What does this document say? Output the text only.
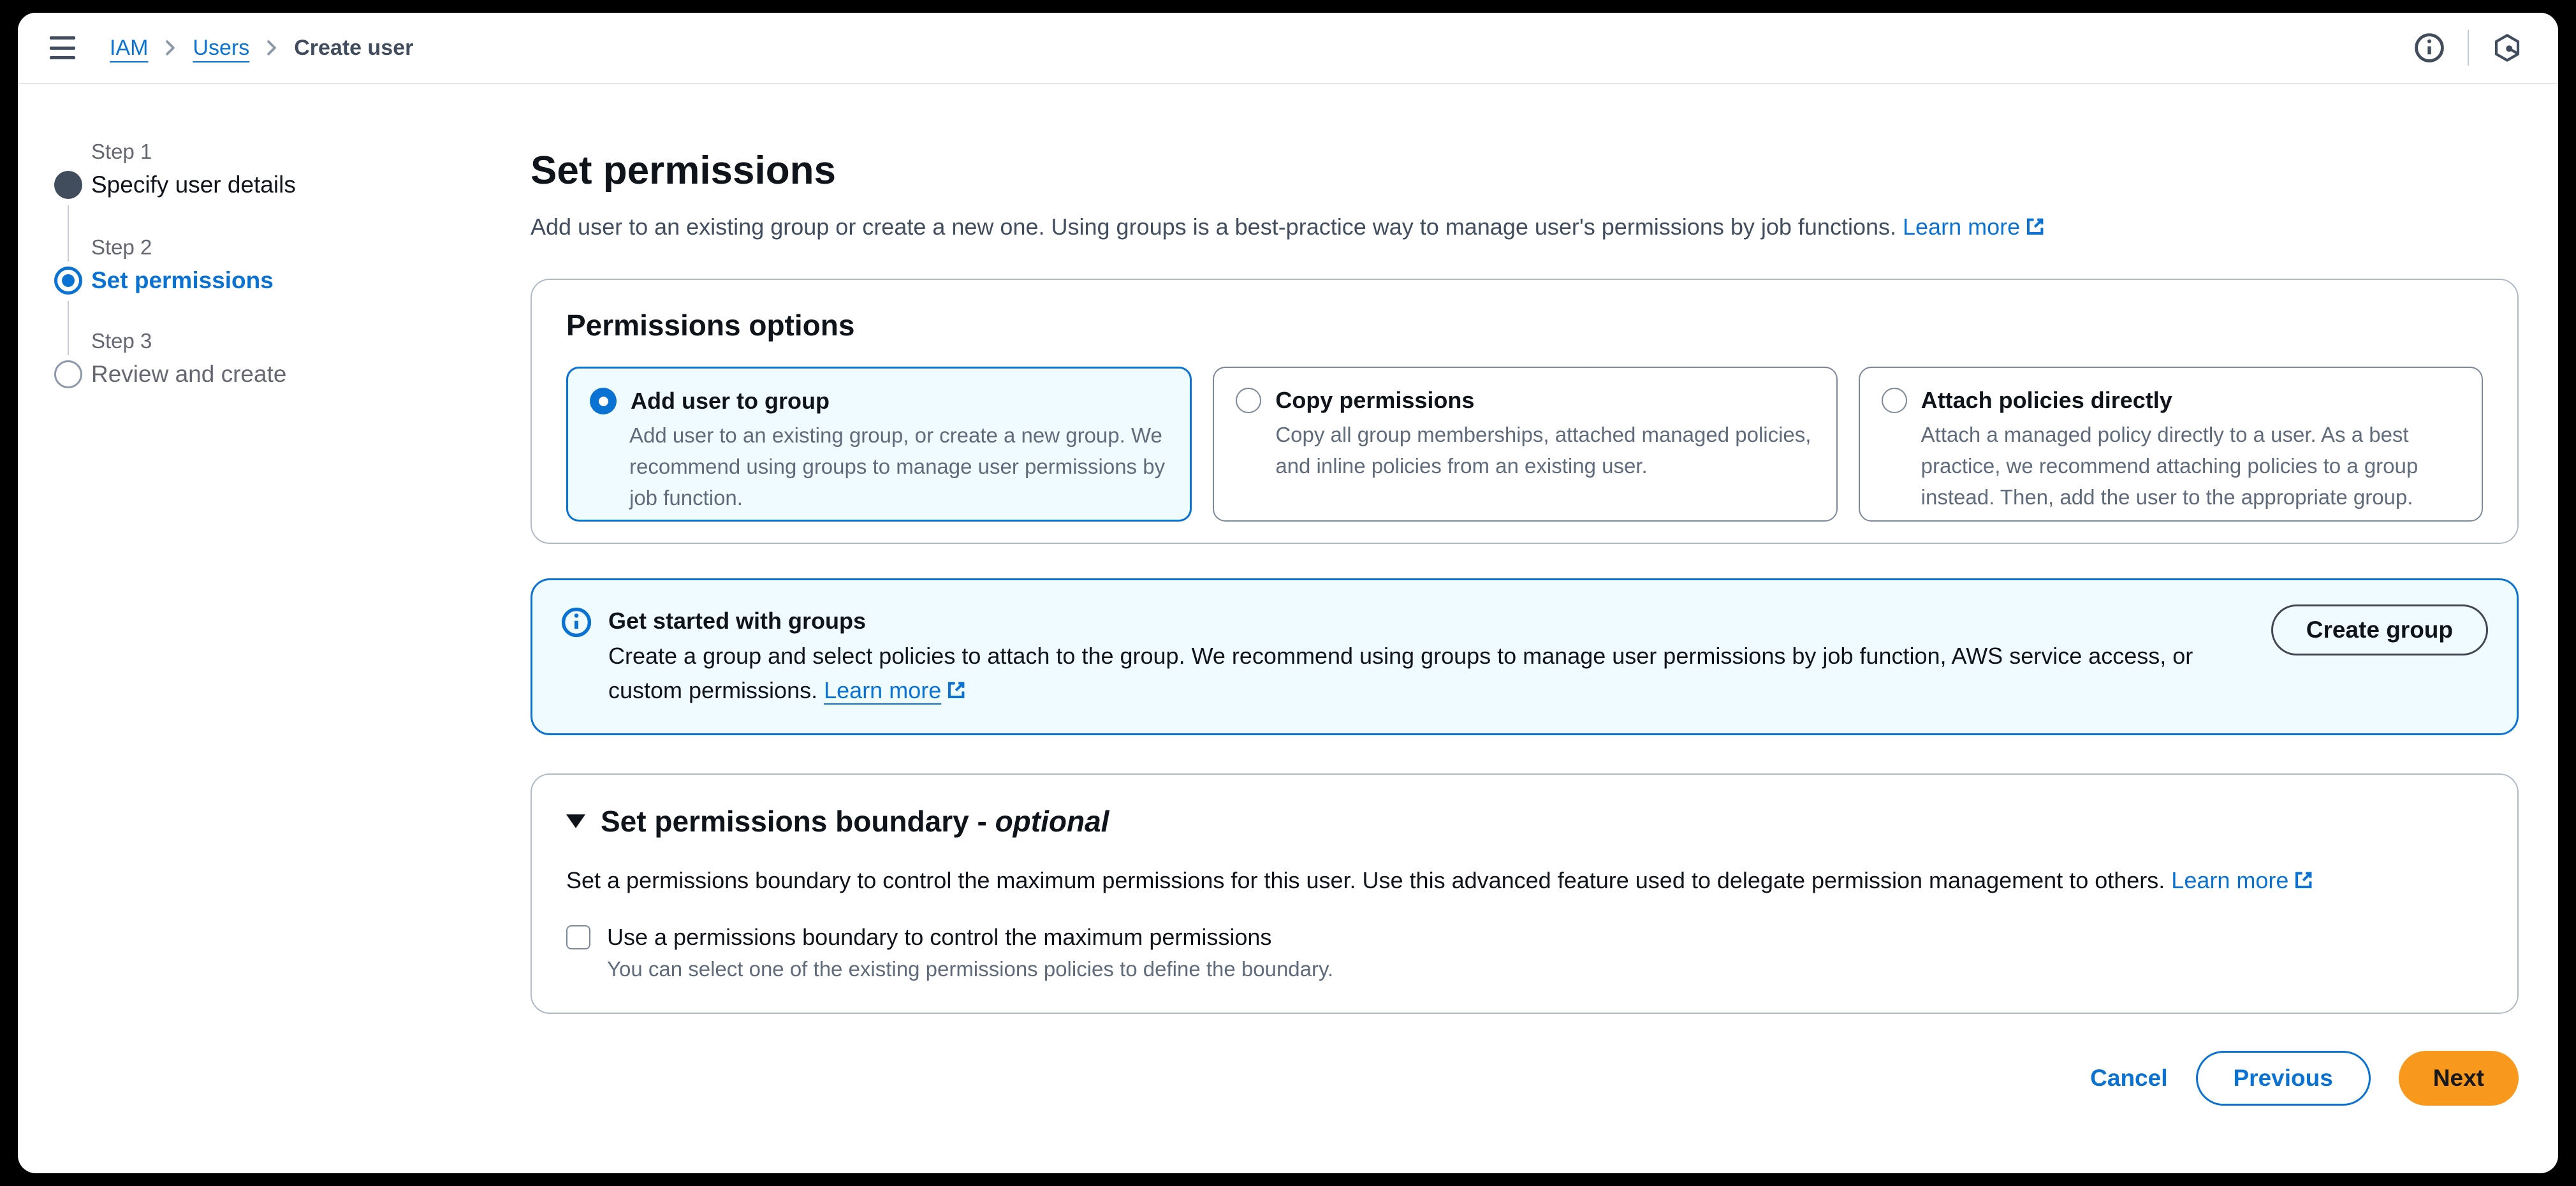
IAM Users Create user
Step 1
Specify user details
Step 2
Set permissions
Step 3
Review and create
Set permissions

Add user to an existing group or create a new one. Using groups is a best-practice way to manage user's permissions by job functions. Learn more

Permissions options
Add user to group
Add user to an existing group, or create a new group. We recommend using groups to manage user permissions by job function.
Copy permissions
Copy all group memberships, attached managed policies, and inline policies from an existing user.
Attach policies directly
Attach a managed policy directly to a user. As a best practice, we recommend attaching policies to a group instead. Then, add the user to the appropriate group.
Get started with groups
Create a group and select policies to attach to the group. We recommend using groups to manage user permissions by job function, AWS service access, or custom permissions. Learn more
Create group
Set permissions boundary - optional

Set a permissions boundary to control the maximum permissions for this user. Use this advanced feature used to delegate permission management to others. Learn more

Use a permissions boundary to control the maximum permissions
You can select one of the existing permissions policies to define the boundary.
Cancel	Previous	Next
